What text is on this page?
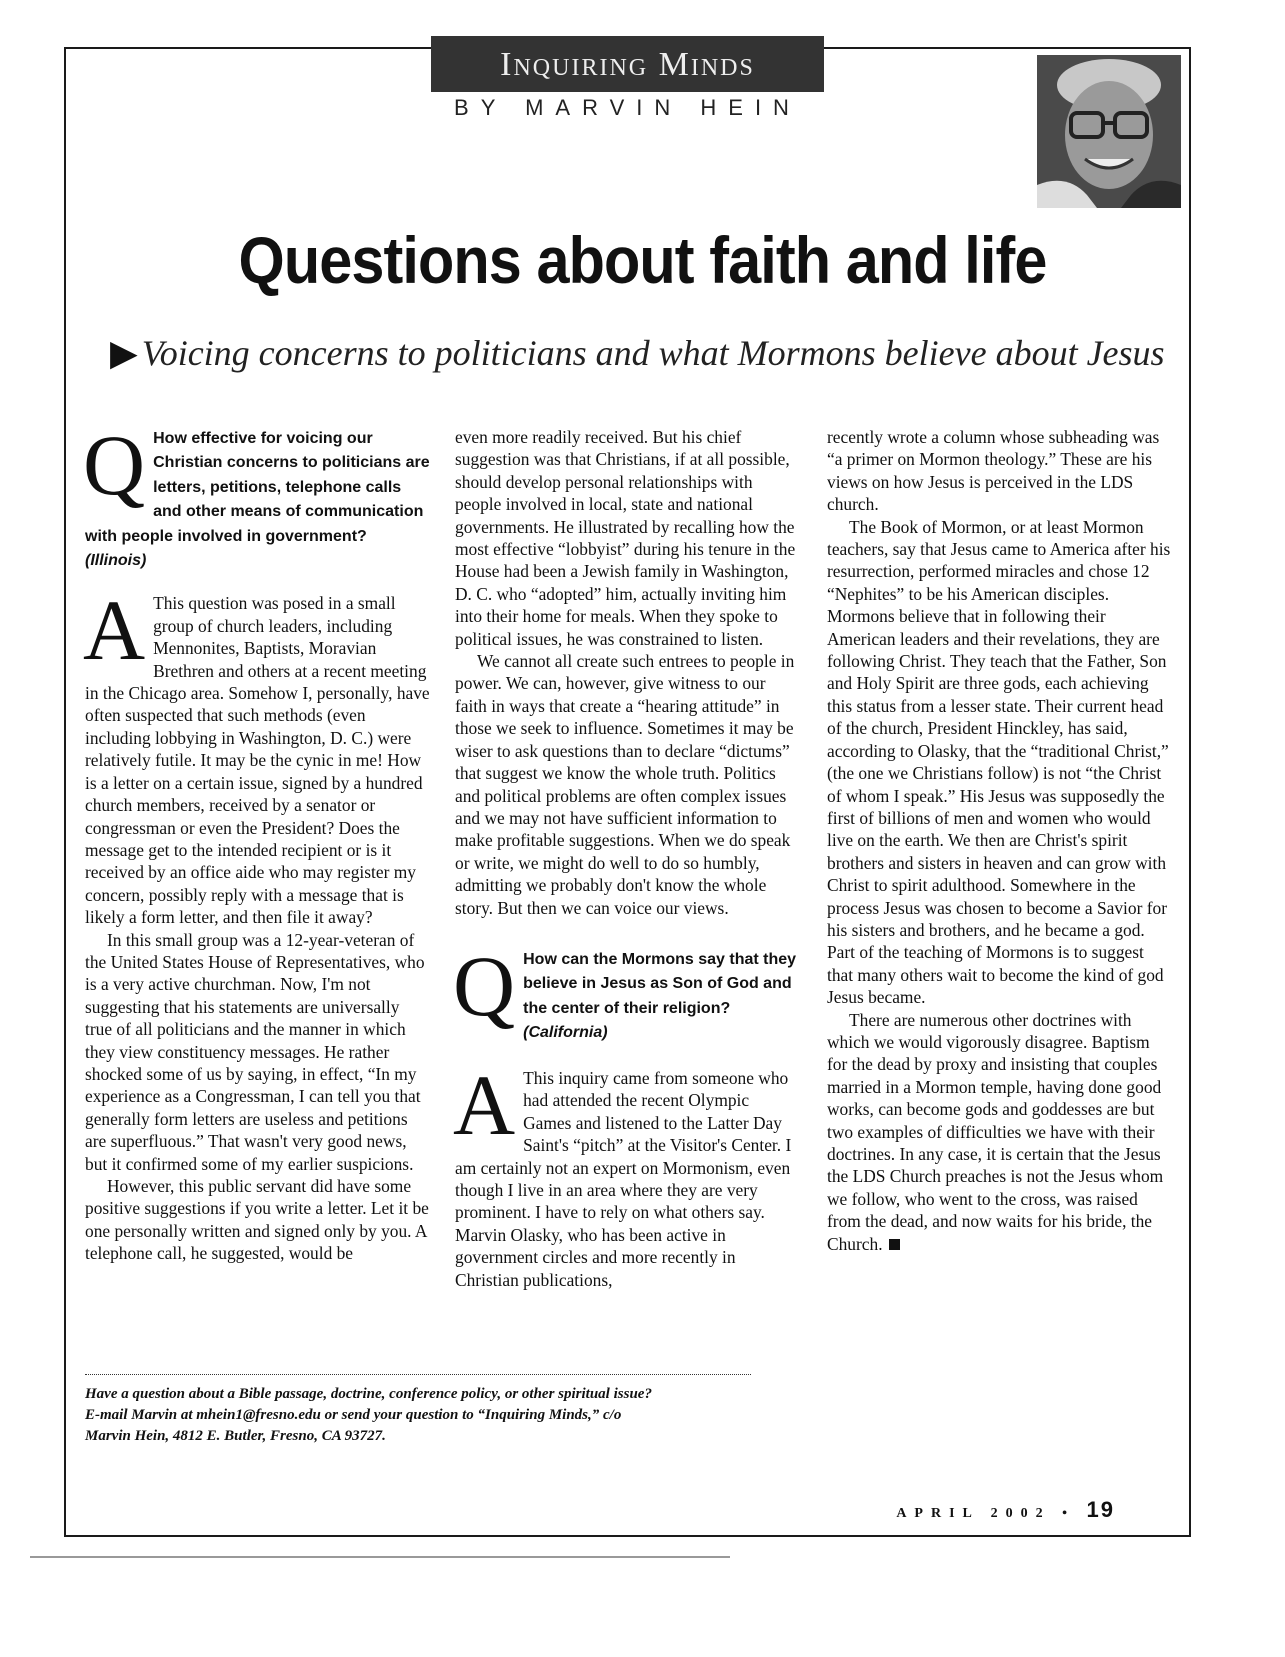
Inquiring Minds
BY MARVIN HEIN
Questions about faith and life
▶ Voicing concerns to politicians and what Mormons believe about Jesus
Q How effective for voicing our Christian concerns to politicians are letters, petitions, telephone calls and other means of communication with people involved in government? (Illinois)

A This question was posed in a small group of church leaders, including Mennonites, Baptists, Moravian Brethren and others at a recent meeting in the Chicago area. Somehow I, personally, have often suspected that such methods (even including lobbying in Washington, D. C.) were relatively futile. It may be the cynic in me! How is a letter on a certain issue, signed by a hundred church members, received by a senator or congressman or even the President? Does the message get to the intended recipient or is it received by an office aide who may register my concern, possibly reply with a message that is likely a form letter, and then file it away?

In this small group was a 12-year-veteran of the United States House of Representatives, who is a very active churchman. Now, I'm not suggesting that his statements are universally true of all politicians and the manner in which they view constituency messages. He rather shocked some of us by saying, in effect, “In my experience as a Congressman, I can tell you that generally form letters are useless and petitions are superfluous.” That wasn't very good news, but it confirmed some of my earlier suspicions.

However, this public servant did have some positive suggestions if you write a letter. Let it be one personally written and signed only by you. A telephone call, he suggested, would be

even more readily received. But his chief suggestion was that Christians, if at all possible, should develop personal relationships with people involved in local, state and national governments. He illustrated by recalling how the most effective “lobbyist” during his tenure in the House had been a Jewish family in Washington, D. C. who “adopted” him, actually inviting him into their home for meals. When they spoke to political issues, he was constrained to listen.

We cannot all create such entrees to people in power. We can, however, give witness to our faith in ways that create a “hearing attitude” in those we seek to influence. Sometimes it may be wiser to ask questions than to declare “dictums” that suggest we know the whole truth. Politics and political problems are often complex issues and we may not have sufficient information to make profitable suggestions. When we do speak or write, we might do well to do so humbly, admitting we probably don't know the whole story. But then we can voice our views.

Q How can the Mormons say that they believe in Jesus as Son of God and the center of their religion? (California)

A This inquiry came from someone who had attended the recent Olympic Games and listened to the Latter Day Saint's “pitch” at the Visitor's Center. I am certainly not an expert on Mormonism, even though I live in an area where they are very prominent. I have to rely on what others say. Marvin Olasky, who has been active in government circles and more recently in Christian publications,

recently wrote a column whose subheading was “a primer on Mormon theology.” These are his views on how Jesus is perceived in the LDS church.

The Book of Mormon, or at least Mormon teachers, say that Jesus came to America after his resurrection, performed miracles and chose 12 “Nephites” to be his American disciples. Mormons believe that in following their American leaders and their revelations, they are following Christ. They teach that the Father, Son and Holy Spirit are three gods, each achieving this status from a lesser state. Their current head of the church, President Hinckley, has said, according to Olasky, that the “traditional Christ,” (the one we Christians follow) is not “the Christ of whom I speak.” His Jesus was supposedly the first of billions of men and women who would live on the earth. We then are Christ's spirit brothers and sisters in heaven and can grow with Christ to spirit adulthood. Somewhere in the process Jesus was chosen to become a Savior for his sisters and brothers, and he became a god. Part of the teaching of Mormons is to suggest that many others wait to become the kind of god Jesus became.

There are numerous other doctrines with which we would vigorously disagree. Baptism for the dead by proxy and insisting that couples married in a Mormon temple, having done good works, can become gods and goddesses are but two examples of difficulties we have with their doctrines. In any case, it is certain that the Jesus the LDS Church preaches is not the Jesus whom we follow, who went to the cross, was raised from the dead, and now waits for his bride, the Church.

Have a question about a Bible passage, doctrine, conference policy, or other spiritual issue?
E-mail Marvin at mhein1@fresno.edu or send your question to “Inquiring Minds,” c/o
Marvin Hein, 4812 E. Butler, Fresno, CA 93727.
APRIL 2002 • 19
